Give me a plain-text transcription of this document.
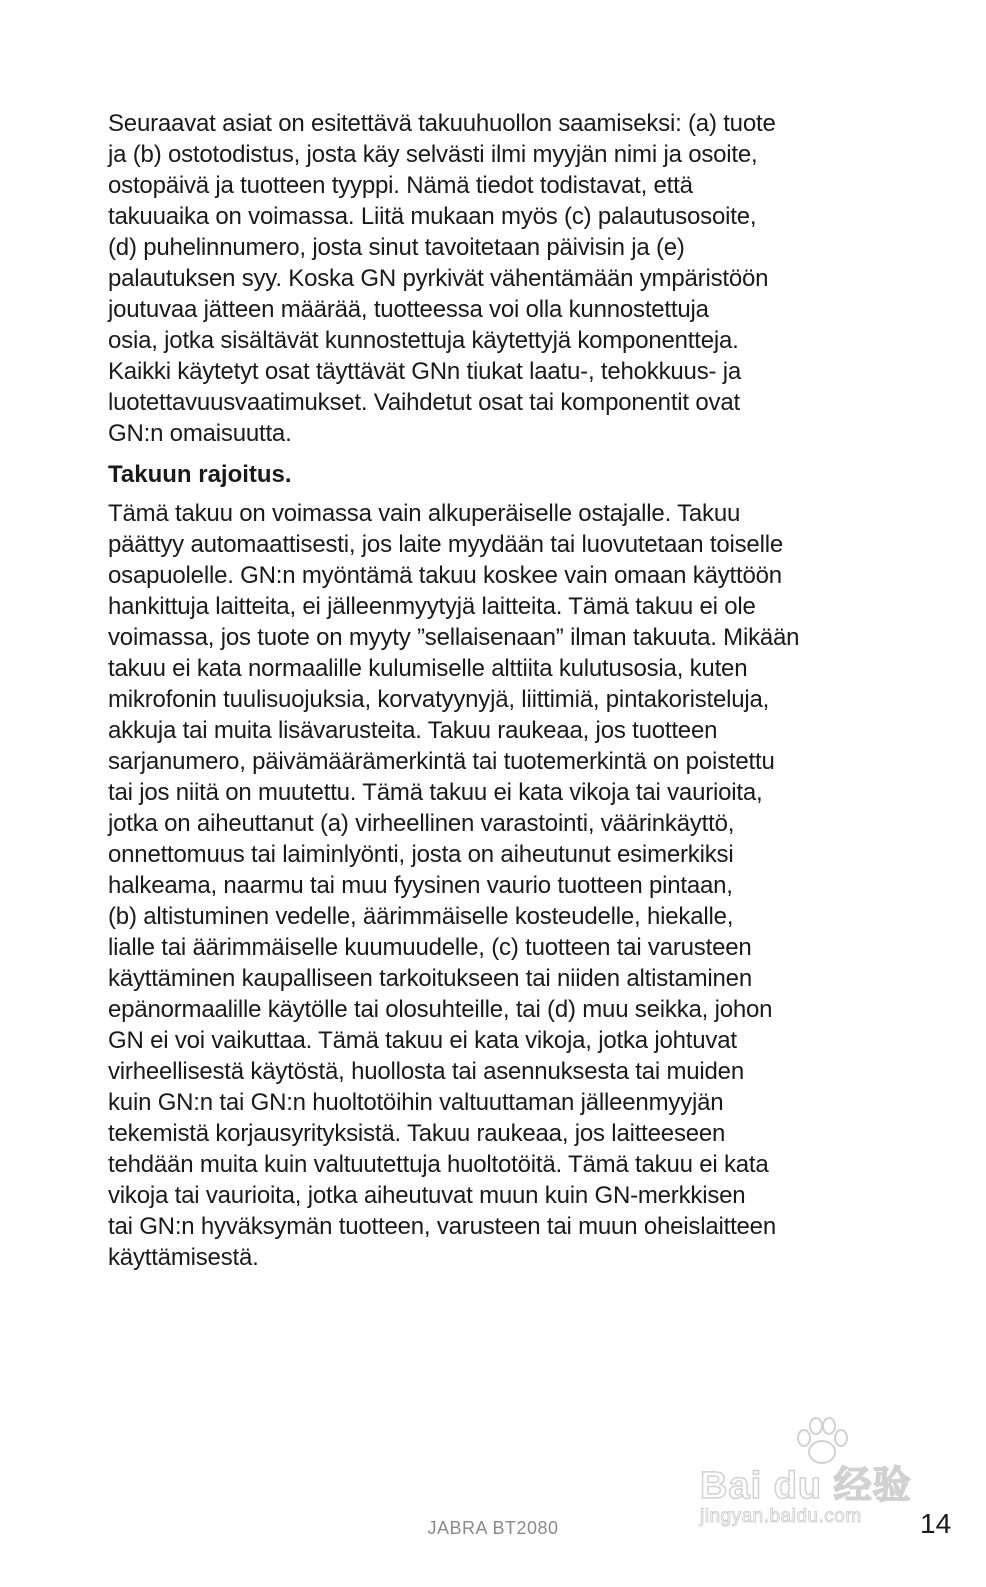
Seuraavat asiat on esitettävä takuuhuollon saamiseksi: (a) tuote
ja (b) ostotodistus, josta käy selvästi ilmi myyjän nimi ja osoite,
ostopäivä ja tuotteen tyyppi. Nämä tiedot todistavat, että
takuuaika on voimassa. Liitä mukaan myös (c) palautusosoite,
(d) puhelinnumero, josta sinut tavoitetaan päivisin ja (e)
palautuksen syy. Koska GN pyrkivät vähentämään ympäristöön
joutuvaa jätteen määrää, tuotteessa voi olla kunnostettuja
osia, jotka sisältävät kunnostettuja käytettyjä komponentteja.
Kaikki käytetyt osat täyttävät GNn tiukat laatu-, tehokkuus- ja
luotettavuusvaatimukset. Vaihdetut osat tai komponentit ovat
GN:n omaisuutta.
Takuun rajoitus.
Tämä takuu on voimassa vain alkuperäiselle ostajalle. Takuu
päättyy automaattisesti, jos laite myydään tai luovutetaan toiselle
osapuolelle. GN:n myöntämä takuu koskee vain omaan käyttöön
hankittuja laitteita, ei jälleenmyytyjä laitteita. Tämä takuu ei ole
voimassa, jos tuote on myyty ”sellaisenaan” ilman takuuta. Mikään
takuu ei kata normaalille kulumiselle alttiita kulutusosia, kuten
mikrofonin tuulisuojuksia, korvatyynyjä, liittimiä, pintakoristeluja,
akkuja tai muita lisävarusteita. Takuu raukeaa, jos tuotteen
sarjanumero, päivämäärämerkintä tai tuotemerkintä on poistettu
tai jos niitä on muutettu. Tämä takuu ei kata vikoja tai vaurioita,
jotka on aiheuttanut (a) virheellinen varastointi, väärinkäyttö,
onnettomuus tai laiminlyönti, josta on aiheutunut esimerkiksi
halkeama, naarmu tai muu fyysinen vaurio tuotteen pintaan,
(b) altistuminen vedelle, äärimmäiselle kosteudelle, hiekalle,
lialle tai äärimmäiselle kuumuudelle, (c) tuotteen tai varusteen
käyttäminen kaupalliseen tarkoitukseen tai niiden altistaminen
epänormaalille käytölle tai olosuhteille, tai (d) muu seikka, johon
GN ei voi vaikuttaa. Tämä takuu ei kata vikoja, jotka johtuvat
virheellisestä käytöstä, huollosta tai asennuksesta tai muiden
kuin GN:n tai GN:n huoltotöihin valtuuttaman jälleenmyyjän
tekemistä korjausyrityksistä. Takuu raukeaa, jos laitteeseen
tehdään muita kuin valtuutettuja huoltotöitä. Tämä takuu ei kata
vikoja tai vaurioita, jotka aiheutuvat muun kuin GN-merkkisen
tai GN:n hyväksymän tuotteen, varusteen tai muun oheislaitteen
käyttämisestä.
Bai du 经验
jingyan.baidu.com
JABRA BT2080	14
